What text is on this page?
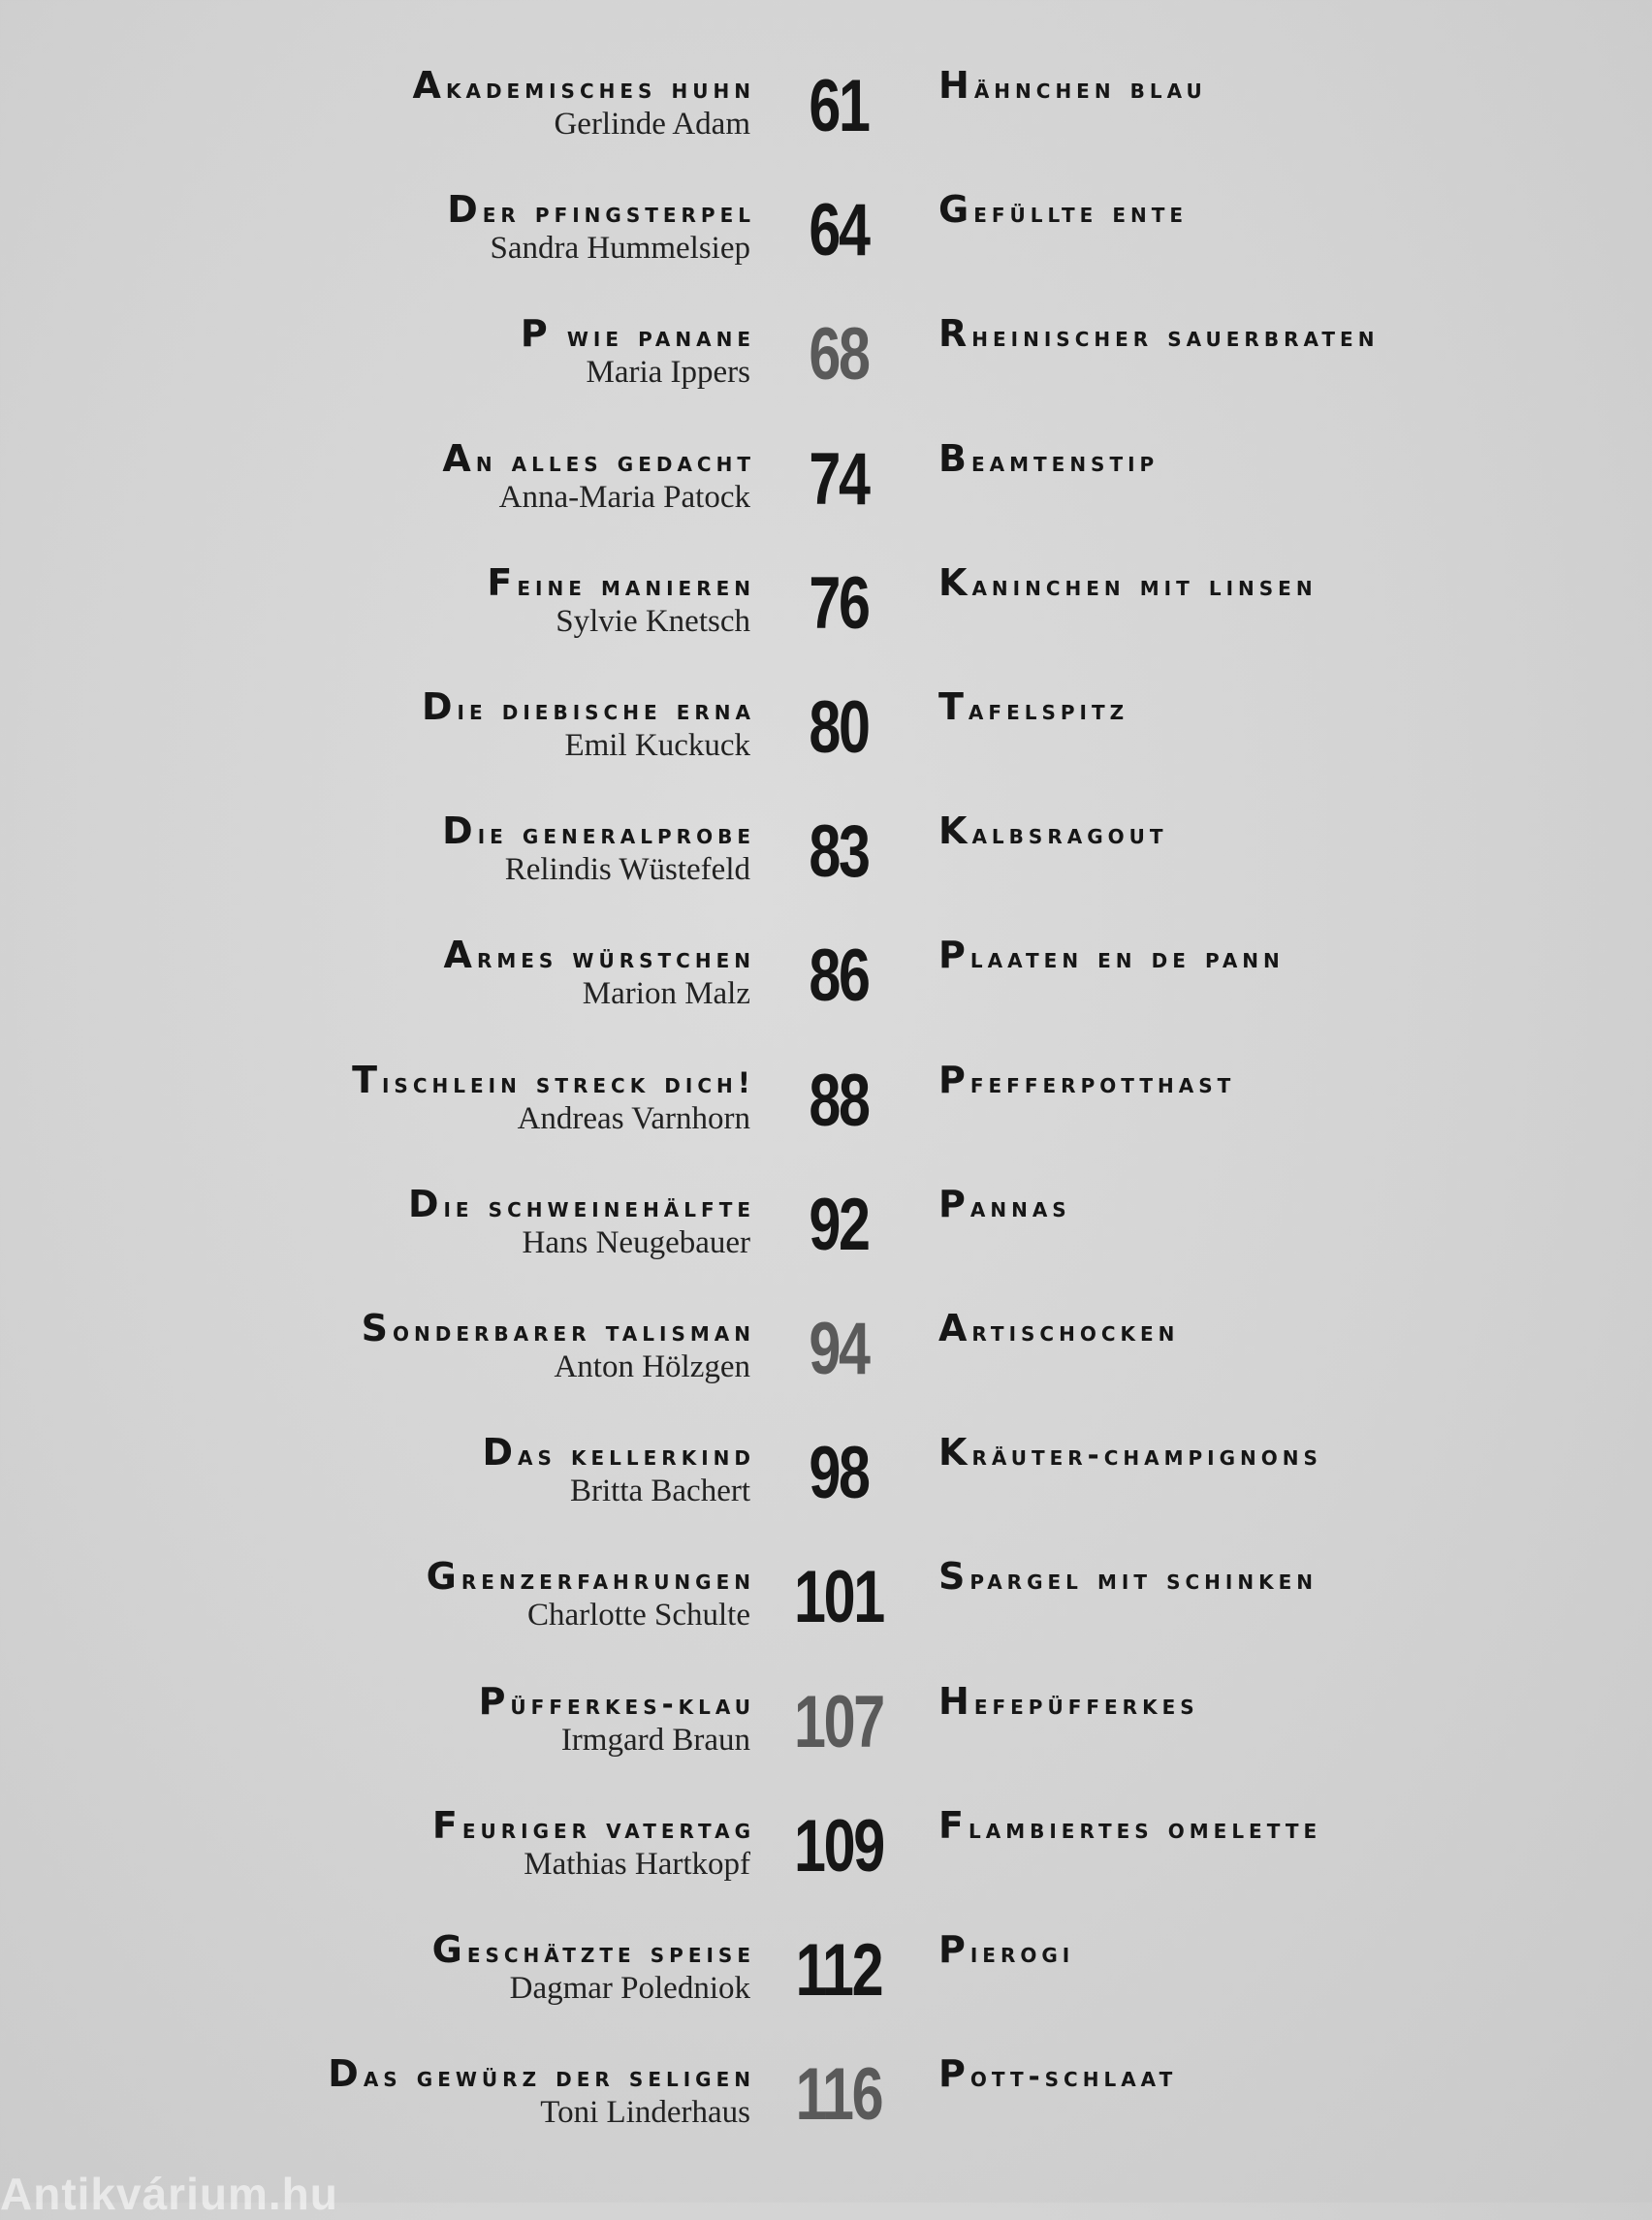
Akademisches huhn
Gerlinde Adam 61	hähnchen blau
Der pfingsterpel
Sandra Hummelsiep 64	gefüllte ente
P wie panane
Maria Ippers 68	rheinischer sauerbraten
An alles gedacht
Anna-Maria Patock 74	beamtenstip
Feine manieren
Sylvie Knetsch 76	kaninchen mit linsen
Die diebische erna
Emil Kuckuck 80	tafelspitz
Die generalprobe
Relindis Wüstefeld 83	kalbsragout
Armes würstchen
Marion Malz 86	plaaten en de pann
Tischlein streck dich!
Andreas Varnhorn 88	pfefferpotthast
Die schweinehälfte
Hans Neugebauer 92	pannas
Sonderbarer talisman
Anton Hölzgen 94	artischocken
Das kellerkind
Britta Bachert 98	kräuter-champignons
Grenzerfahrungen
Charlotte Schulte 101 spargel mit schinken
Püfferkes-klau
Irmgard Braun 107 hefepüfferkes
Feuriger vatertag
Mathias Hartkopf 109 flambiertes omelette
Geschätzte speise
Dagmar Poledniok 112 pierogi
Das gewürz der seligen
Toni Linderhaus 116 pott-schlaat
Antikvárium.hu
